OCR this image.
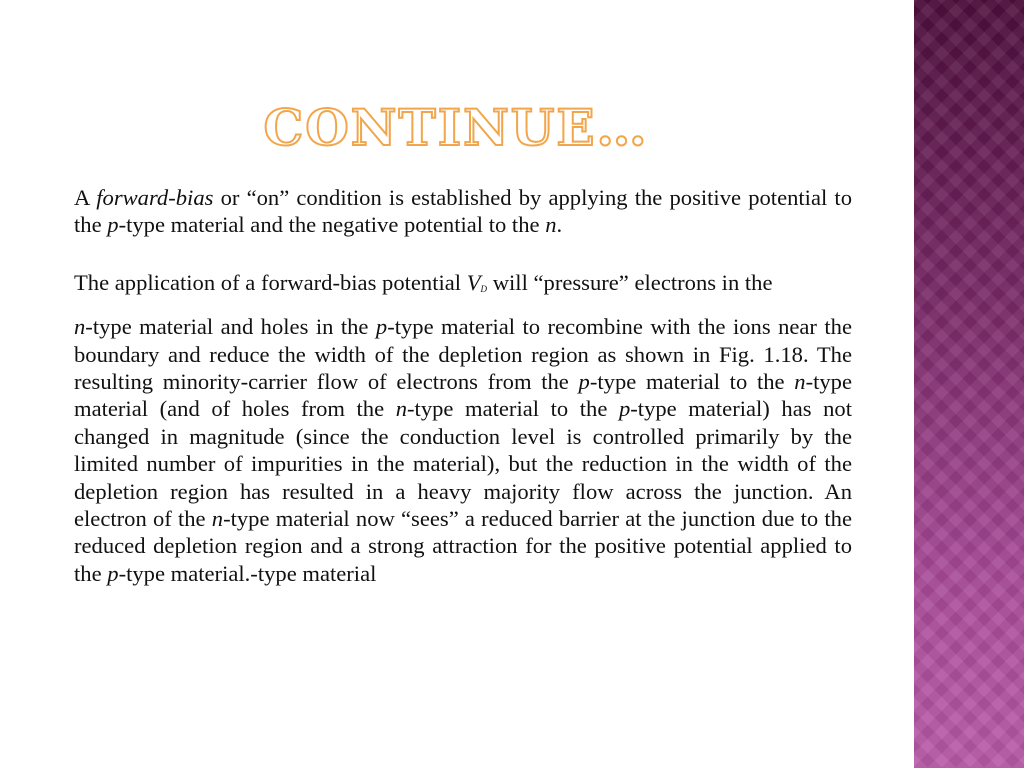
CONTINUE…

A forward-bias or “on” condition is established by applying the positive potential to the p-type material and the negative potential to the n.

The application of a forward-bias potential $V_D$ will “pressure” electrons in the

n-type material and holes in the p-type material to recombine with the ions near the boundary and reduce the width of the depletion region as shown in Fig. 1.18. The resulting minority-carrier flow of electrons from the p-type material to the n-type material (and of holes from the n-type material to the p-type material) has not changed in magnitude (since the conduction level is controlled primarily by the limited number of impurities in the material), but the reduction in the width of the depletion region has resulted in a heavy majority flow across the junction. An electron of the n-type material now “sees” a reduced barrier at the junction due to the reduced depletion region and a strong attraction for the positive potential applied to the p-type material.-type material
